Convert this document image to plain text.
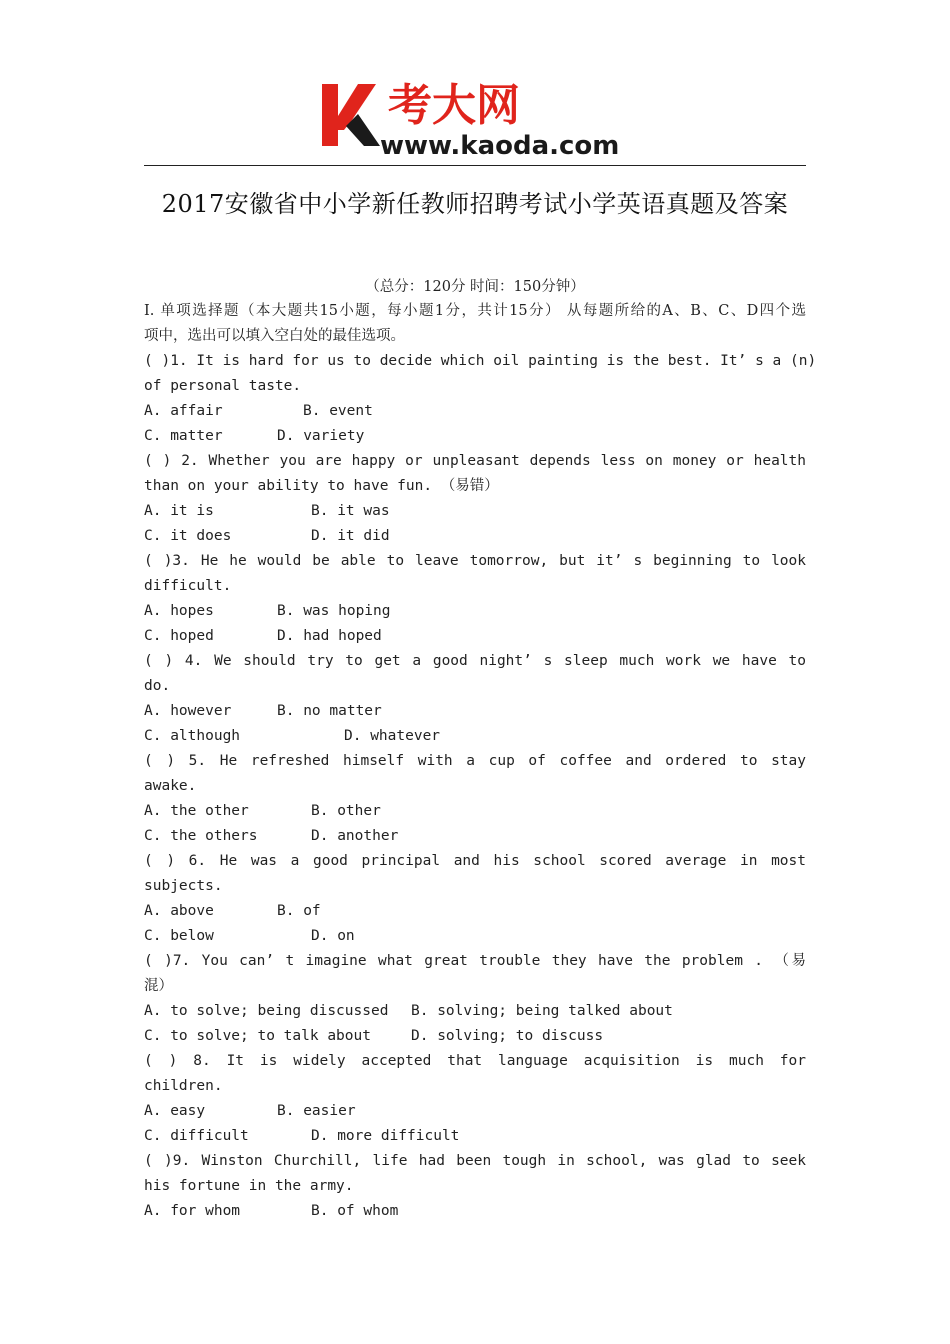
考大网
www.kaoda.com
2017安徽省中小学新任教师招聘考试小学英语真题及答案
（总分：120分 时间：150分钟）
I. 单项选择题（本大题共15小题，每小题1分，共计15分） 从每题所给的A、B、C、D四个选
项中，选出可以填入空白处的最佳选项。
( )1. It is hard for us to decide which oil painting is the best. It’ s a (n)
of personal taste.
A. affair	B. event
C. matter	D. variety
( ) 2. Whether you are happy or unpleasant depends less on money or health
than on your ability to have fun. （易错）
A. it is	B. it was
C. it does	D. it did
( )3. He he would be able to leave tomorrow, but it’ s beginning to look
difficult.
A. hopes	B. was hoping
C. hoped	D. had hoped
( ) 4. We should try to get a good night’ s sleep much work we have to
do.
A. however	B. no matter
C. although	D. whatever
( ) 5. He refreshed himself with a cup of coffee and ordered to stay
awake.
A. the other	B. other
C. the others	D. another
( ) 6. He was a good principal and his school scored average in most
subjects.
A. above	B. of
C. below	D. on
( )7. You can’ t imagine what great trouble they have the problem . （易
混）
A. to solve; being discussed B. solving; being talked about
C. to solve; to talk about	D. solving; to discuss
( ) 8. It is widely accepted that language acquisition is much for
children.
A. easy	B. easier
C. difficult	D. more difficult
( )9. Winston Churchill, life had been tough in school, was glad to seek
his fortune in the army.
A. for whom	B. of whom
